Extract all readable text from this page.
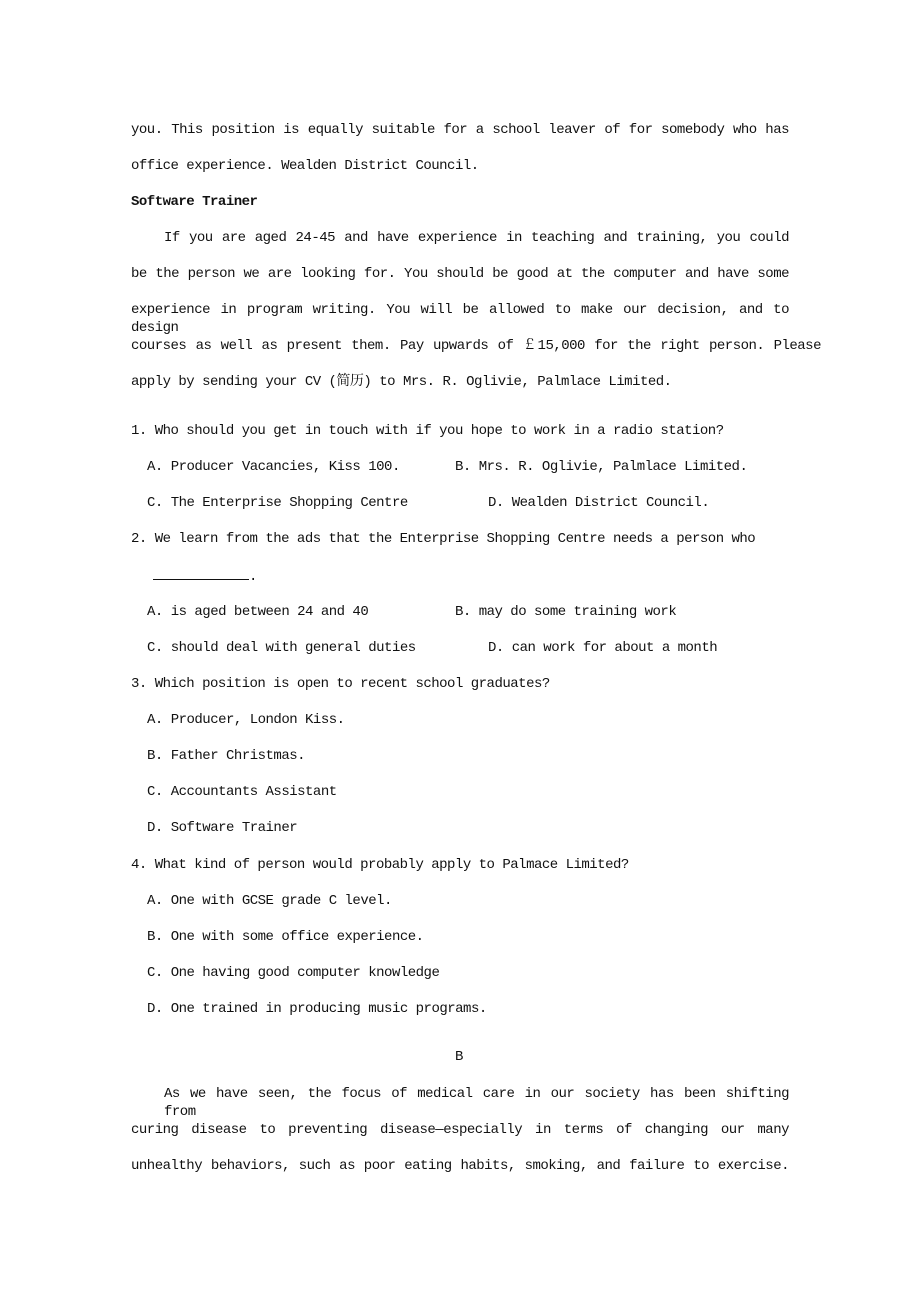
you. This position is equally suitable for a school leaver of for somebody who has
office experience. Wealden District Council.
Software Trainer
If you are aged 24-45 and have experience in teaching and training, you could
be the person we are looking for. You should be good at the computer and have some
experience in program writing. You will be allowed to make our decision, and to design
courses as well as present them. Pay upwards of ￡15,000 for the right person. Please
apply by sending your CV (简历) to Mrs. R. Oglivie, Palmlace Limited.
1. Who should you get in touch with if you hope to work in a radio station?
A. Producer Vacancies, Kiss 100.	B. Mrs. R. Oglivie, Palmlace Limited.
C. The Enterprise Shopping Centre	D. Wealden District Council.
2. We learn from the ads that the Enterprise Shopping Centre needs a person who
.
A. is aged between 24 and 40	B. may do some training work
C. should deal with general duties	D. can work for about a month
3. Which position is open to recent school graduates?
A. Producer, London Kiss.
B. Father Christmas.
C. Accountants Assistant
D. Software Trainer
4. What kind of person would probably apply to Palmace Limited?
A. One with GCSE grade C level.
B. One with some office experience.
C. One having good computer knowledge
D. One trained in producing music programs.
B
As we have seen, the focus of medical care in our society has been shifting from
curing disease to preventing disease—especially in terms of changing our many
unhealthy behaviors, such as poor eating habits, smoking, and failure to exercise.
